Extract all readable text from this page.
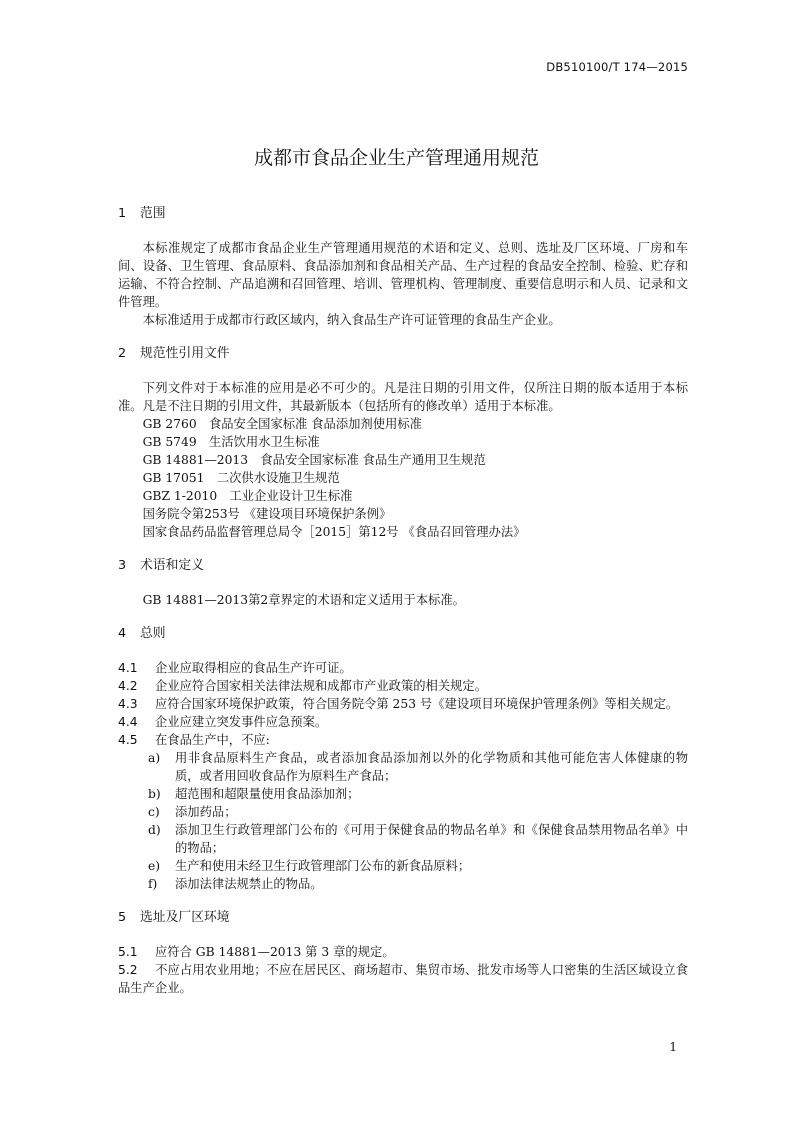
DB510100/T 174—2015
成都市食品企业生产管理通用规范
1 范围

本标准规定了成都市食品企业生产管理通用规范的术语和定义、总则、选址及厂区环境、厂房和车间、设备、卫生管理、食品原料、食品添加剂和食品相关产品、生产过程的食品安全控制、检验、贮存和运输、不符合控制、产品追溯和召回管理、培训、管理机构、管理制度、重要信息明示和人员、记录和文件管理。

本标准适用于成都市行政区域内，纳入食品生产许可证管理的食品生产企业。

2 规范性引用文件

下列文件对于本标准的应用是必不可少的。凡是注日期的引用文件，仅所注日期的版本适用于本标准。凡是不注日期的引用文件，其最新版本（包括所有的修改单）适用于本标准。

GB 2760　食品安全国家标准 食品添加剂使用标准

GB 5749　生活饮用水卫生标准

GB 14881—2013　食品安全国家标准 食品生产通用卫生规范

GB 17051　二次供水设施卫生规范

GBZ 1-2010　工业企业设计卫生标准

国务院令第253号 《建设项目环境保护条例》

国家食品药品监督管理总局令［2015］第12号 《食品召回管理办法》

3 术语和定义

GB 14881—2013第2章界定的术语和定义适用于本标准。

4 总则

4.1 企业应取得相应的食品生产许可证。

4.2 企业应符合国家相关法律法规和成都市产业政策的相关规定。

4.3 应符合国家环境保护政策，符合国务院令第 253 号《建设项目环境保护管理条例》等相关规定。

4.4 企业应建立突发事件应急预案。

4.5 在食品生产中，不应:

a) 用非食品原料生产食品，或者添加食品添加剂以外的化学物质和其他可能危害人体健康的物质，或者用回收食品作为原料生产食品；

b) 超范围和超限量使用食品添加剂；

c) 添加药品；

d) 添加卫生行政管理部门公布的《可用于保健食品的物品名单》和《保健食品禁用物品名单》中的物品；

e) 生产和使用未经卫生行政管理部门公布的新食品原料；

f) 添加法律法规禁止的物品。

5 选址及厂区环境

5.1 应符合 GB 14881—2013 第 3 章的规定。

5.2 不应占用农业用地；不应在居民区、商场超市、集贸市场、批发市场等人口密集的生活区域设立食品生产企业。

1
